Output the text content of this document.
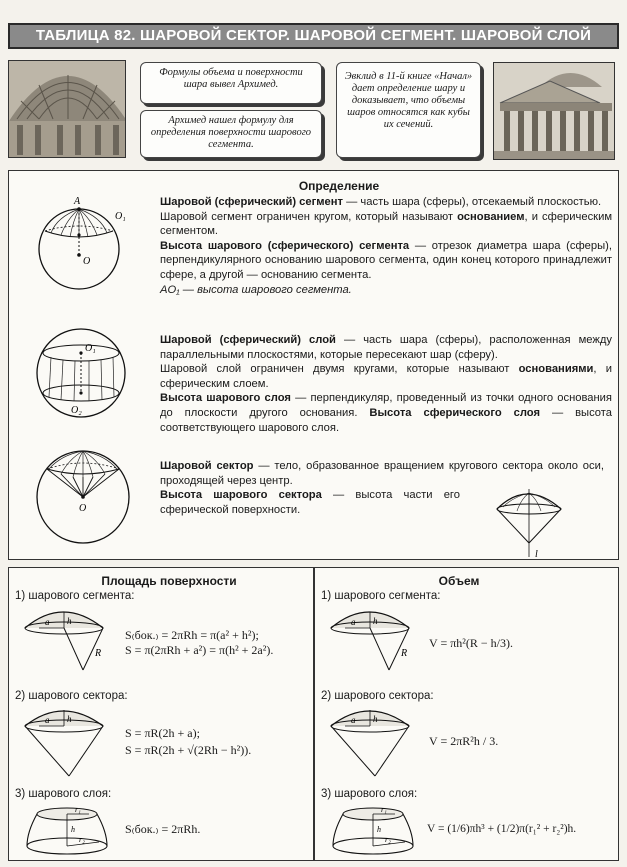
ТАБЛИЦА 82. ШАРОВОЙ СЕКТОР. ШАРОВОЙ СЕГМЕНТ. ШАРОВОЙ СЛОЙ
Формулы объема и поверхности шара вывел Архимед.
Архимед нашел формулу для определения поверхности шарового сегмента.
Эвклид в 11-й книге «Начал» дает определение шару и доказывает, что объемы шаров относятся как кубы их сечений.
Определение
A
O₁
O

Шаровой (сферический) сегмент — часть шара (сферы), отсекаемый плоскостью.

Шаровой сегмент ограничен кругом, который называют основанием, и сферическим сегментом.

Высота шарового (сферического) сегмента — отрезок диаметра шара (сферы), перпендикулярного основанию шарового сегмента, один конец которого принадлежит сфере, а другой — основанию сегмента.

AO₁ — высота шарового сегмента.

O₁
O₂

Шаровой (сферический) слой — часть шара (сферы), расположенная между параллельными плоскостями, которые пересекают шар (сферу).

Шаровой слой ограничен двумя кругами, которые называют основаниями, и сферическим слоем.

Высота шарового слоя — перпендикуляр, проведенный из точки одного основания до плоскости другого основания. Высота сферического слоя — высота соответствующего шарового слоя.

O

Шаровой сектор — тело, образованное вращением кругового сектора около оси, проходящей через центр.

Высота шарового сектора — высота части его сферической поверхности.

l
Площадь поверхности
1) шарового сегмента:
h
a
R
S₍бок.₎ = 2πRh = π(a² + h²);
S = π(2πRh + a²) = π(h² + 2a²).
2) шарового сектора:
h
a
S = πR(2h + a);
S = πR(2h + √(2Rh − h²)).
3) шарового слоя:
r₁
h
r₂
S₍бок.₎ = 2πRh.
Объем
1) шарового сегмента:
h
a
R
V = πh²(R − h/3).
2) шарового сектора:
h
a
V = 2πR²h / 3.
3) шарового слоя:
r₁
h
r₂
V = (1/6)πh³ + (1/2)π(r₁² + r₂²)h.
